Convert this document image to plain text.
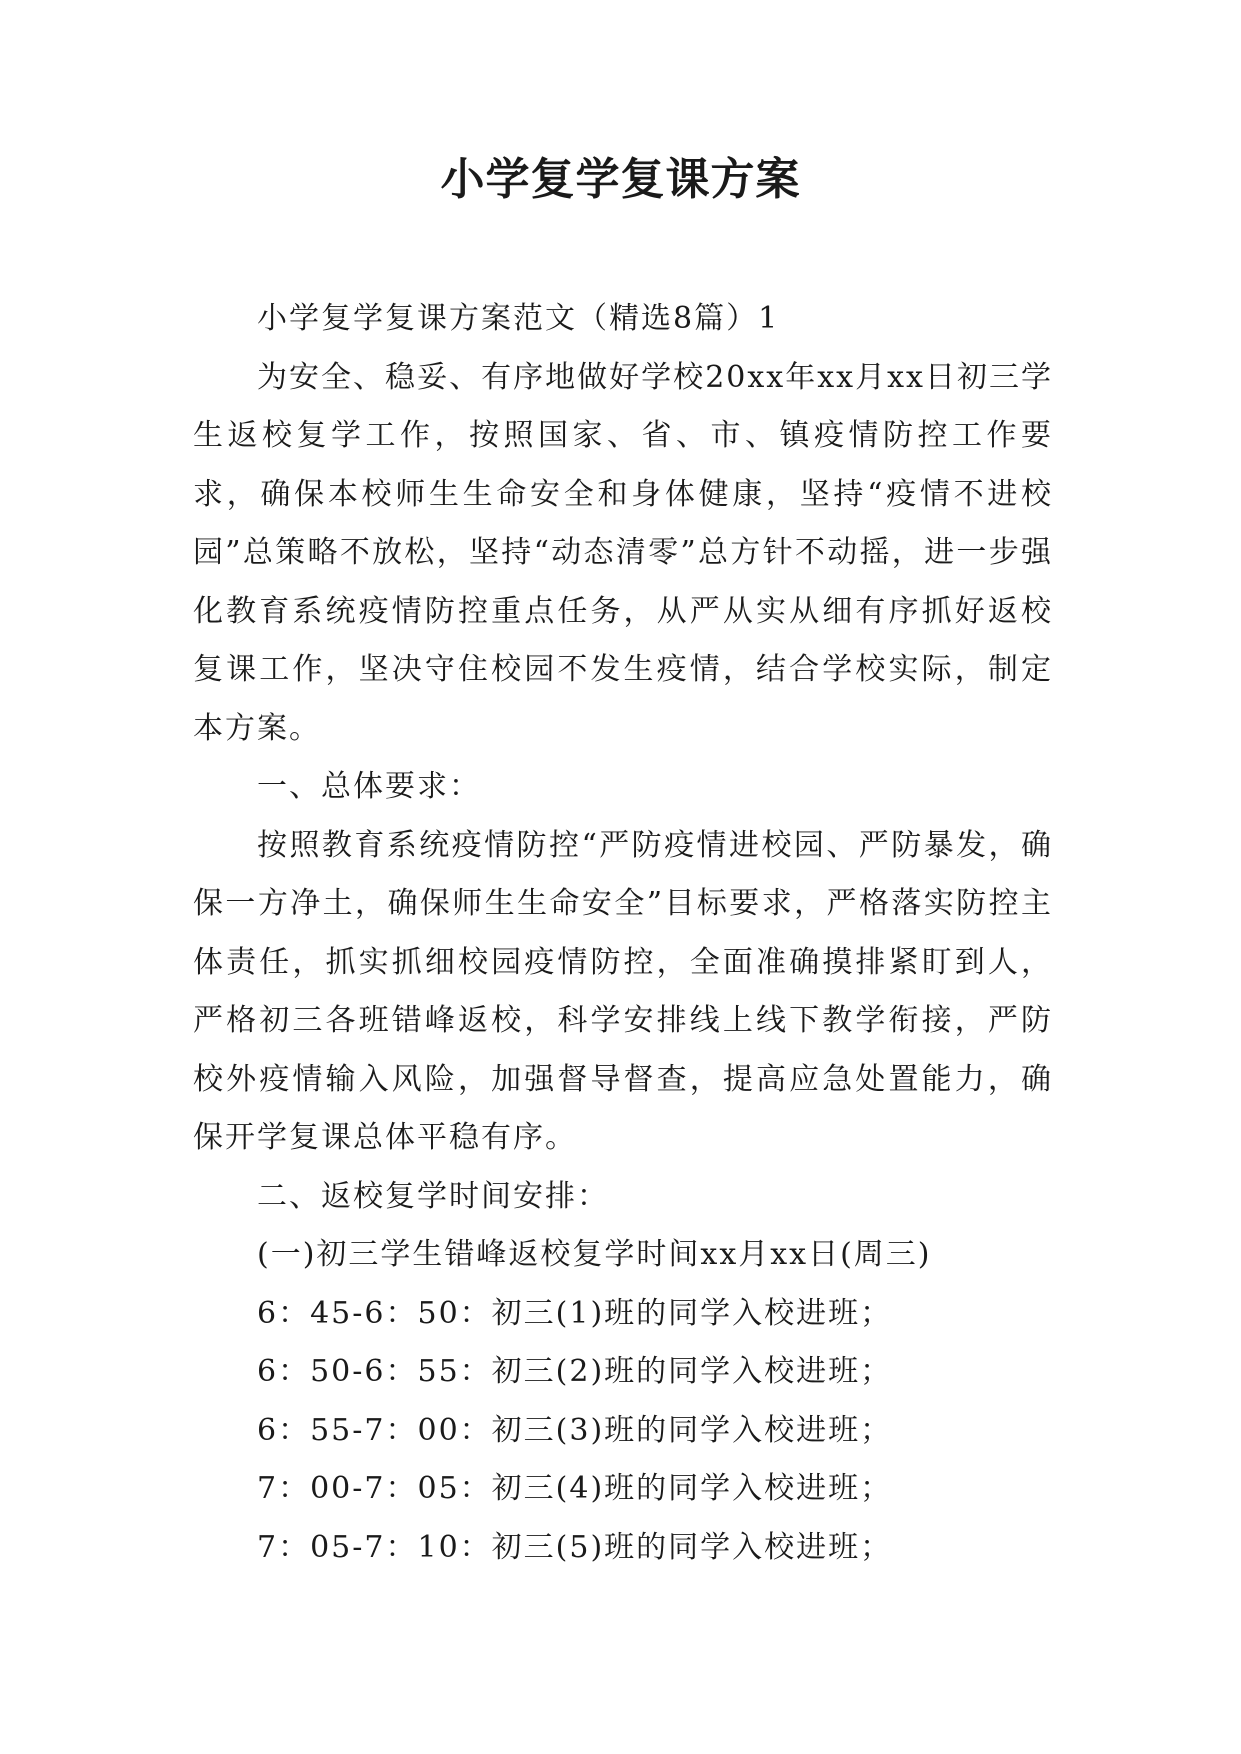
小学复学复课方案

小学复学复课方案范文（精选8篇）1

为安全、稳妥、有序地做好学校20xx年xx月xx日初三学生返校复学工作，按照国家、省、市、镇疫情防控工作要求，确保本校师生生命安全和身体健康，坚持“疫情不进校园”总策略不放松，坚持“动态清零”总方针不动摇，进一步强化教育系统疫情防控重点任务，从严从实从细有序抓好返校复课工作，坚决守住校园不发生疫情，结合学校实际，制定本方案。

一、总体要求：

按照教育系统疫情防控“严防疫情进校园、严防暴发，确保一方净土，确保师生生命安全”目标要求，严格落实防控主体责任，抓实抓细校园疫情防控，全面准确摸排紧盯到人，严格初三各班错峰返校，科学安排线上线下教学衔接，严防校外疫情输入风险，加强督导督查，提高应急处置能力，确保开学复课总体平稳有序。

二、返校复学时间安排：

(一)初三学生错峰返校复学时间xx月xx日(周三)

6：45-6：50：初三(1)班的同学入校进班；

6：50-6：55：初三(2)班的同学入校进班；

6：55-7：00：初三(3)班的同学入校进班；

7：00-7：05：初三(4)班的同学入校进班；

7：05-7：10：初三(5)班的同学入校进班；
